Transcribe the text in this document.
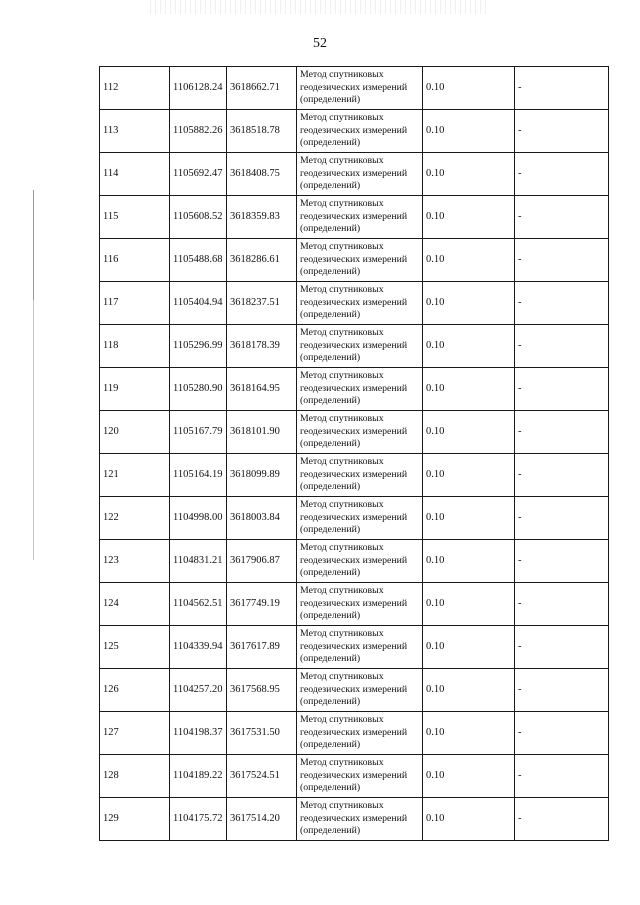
52
112	1106128.24	3618662.71	Метод спутниковых геодезических измерений (определений)	0.10	-
113	1105882.26	3618518.78	Метод спутниковых геодезических измерений (определений)	0.10	-
114	1105692.47	3618408.75	Метод спутниковых геодезических измерений (определений)	0.10	-
115	1105608.52	3618359.83	Метод спутниковых геодезических измерений (определений)	0.10	-
116	1105488.68	3618286.61	Метод спутниковых геодезических измерений (определений)	0.10	-
117	1105404.94	3618237.51	Метод спутниковых геодезических измерений (определений)	0.10	-
118	1105296.99	3618178.39	Метод спутниковых геодезических измерений (определений)	0.10	-
119	1105280.90	3618164.95	Метод спутниковых геодезических измерений (определений)	0.10	-
120	1105167.79	3618101.90	Метод спутниковых геодезических измерений (определений)	0.10	-
121	1105164.19	3618099.89	Метод спутниковых геодезических измерений (определений)	0.10	-
122	1104998.00	3618003.84	Метод спутниковых геодезических измерений (определений)	0.10	-
123	1104831.21	3617906.87	Метод спутниковых геодезических измерений (определений)	0.10	-
124	1104562.51	3617749.19	Метод спутниковых геодезических измерений (определений)	0.10	-
125	1104339.94	3617617.89	Метод спутниковых геодезических измерений (определений)	0.10	-
126	1104257.20	3617568.95	Метод спутниковых геодезических измерений (определений)	0.10	-
127	1104198.37	3617531.50	Метод спутниковых геодезических измерений (определений)	0.10	-
128	1104189.22	3617524.51	Метод спутниковых геодезических измерений (определений)	0.10	-
129	1104175.72	3617514.20	Метод спутниковых геодезических измерений (определений)	0.10	-
